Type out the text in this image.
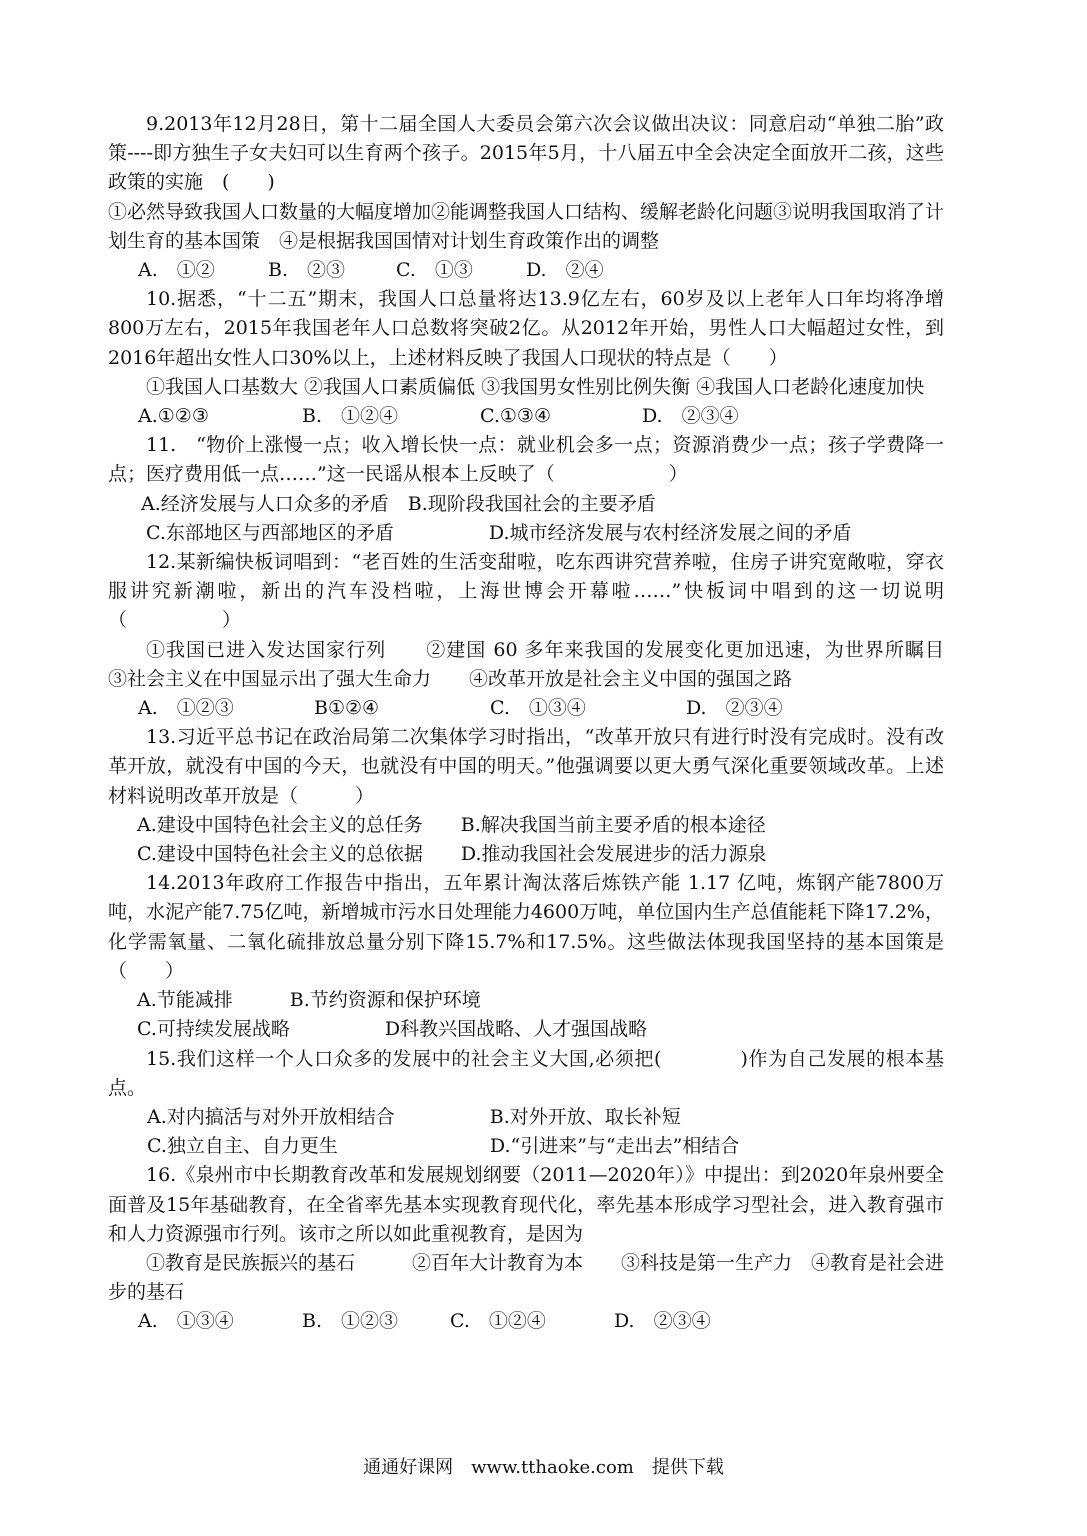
9.2013年12月28日，第十二届全国人大委员会第六次会议做出决议：同意启动“单独二胎”政策----即方独生子女夫妇可以生育两个孩子。2015年5月，十八届五中全会决定全面放开二孩，这些政策的实施　(　　)

①必然导致我国人口数量的大幅度增加②能调整我国人口结构、缓解老龄化问题③说明我国取消了计划生育的基本国策　④是根据我国国情对计划生育政策作出的调整

A.　①②	B.　②③	C.　①③	D.　②④

10.据悉，“十二五”期末，我国人口总量将达13.9亿左右，60岁及以上老年人口年均将净增800万左右，2015年我国老年人口总数将突破2亿。从2012年开始，男性人口大幅超过女性，到2016年超出女性人口30%以上，上述材料反映了我国人口现状的特点是（　　）

①我国人口基数大 ②我国人口素质偏低 ③我国男女性别比例失衡 ④我国人口老龄化速度加快

A.①②③	B.　①②④	C.①③④	D.　②③④

11.　“物价上涨慢一点；收入增长快一点：就业机会多一点；资源消费少一点；孩子学费降一点；医疗费用低一点……”这一民谣从根本上反映了（　　　　　　）

A.经济发展与人口众多的矛盾　B.现阶段我国社会的主要矛盾

C.东部地区与西部地区的矛盾　　　　　D.城市经济发展与农村经济发展之间的矛盾

12.某新编快板词唱到：“老百姓的生活变甜啦，吃东西讲究营养啦，住房子讲究宽敞啦，穿衣服讲究新潮啦，新出的汽车没档啦，上海世博会开幕啦……”快板词中唱到的这一切说明（　　　　　）

①我国已进入发达国家行列　　②建国 60 多年来我国的发展变化更加迅速，为世界所瞩目　　③社会主义在中国显示出了强大生命力　　④改革开放是社会主义中国的强国之路

A.　①②③	B①②④	C.　①③④	D.　②③④

13.习近平总书记在政治局第二次集体学习时指出，“改革开放只有进行时没有完成时。没有改革开放，就没有中国的今天，也就没有中国的明天。”他强调要以更大勇气深化重要领域改革。上述材料说明改革开放是（　　　）

A.建设中国特色社会主义的总任务　　B.解决我国当前主要矛盾的根本途径

C.建设中国特色社会主义的总依据　　D.推动我国社会发展进步的活力源泉

14.2013年政府工作报告中指出，五年累计淘汰落后炼铁产能 1.17 亿吨，炼钢产能7800万吨，水泥产能7.75亿吨，新增城市污水日处理能力4600万吨，单位国内生产总值能耗下降17.2%，化学需氧量、二氧化硫排放总量分别下降15.7%和17.5%。这些做法体现我国坚持的基本国策是（　　）

A.节能减排　　　B.节约资源和保护环境

C.可持续发展战略　　　　　D科教兴国战略、人才强国战略

15.我们这样一个人口众多的发展中的社会主义大国,必须把(　　　　)作为自己发展的根本基点。

A.对内搞活与对外开放相结合　　　　　B.对外开放、取长补短

C.独立自主、自力更生　　　　　　　　D.“引进来”与“走出去”相结合

16.《泉州市中长期教育改革和发展规划纲要（2011—2020年）》中提出：到2020年泉州要全面普及15年基础教育，在全省率先基本实现教育现代化，率先基本形成学习型社会，进入教育强市和人力资源强市行列。该市之所以如此重视教育，是因为

①教育是民族振兴的基石　　　②百年大计教育为本　　③科技是第一生产力　④教育是社会进步的基石

A.　①③④	B.　①②③	C.　①②④	D.　②③④
通通好课网　www.tthaoke.com　提供下载
